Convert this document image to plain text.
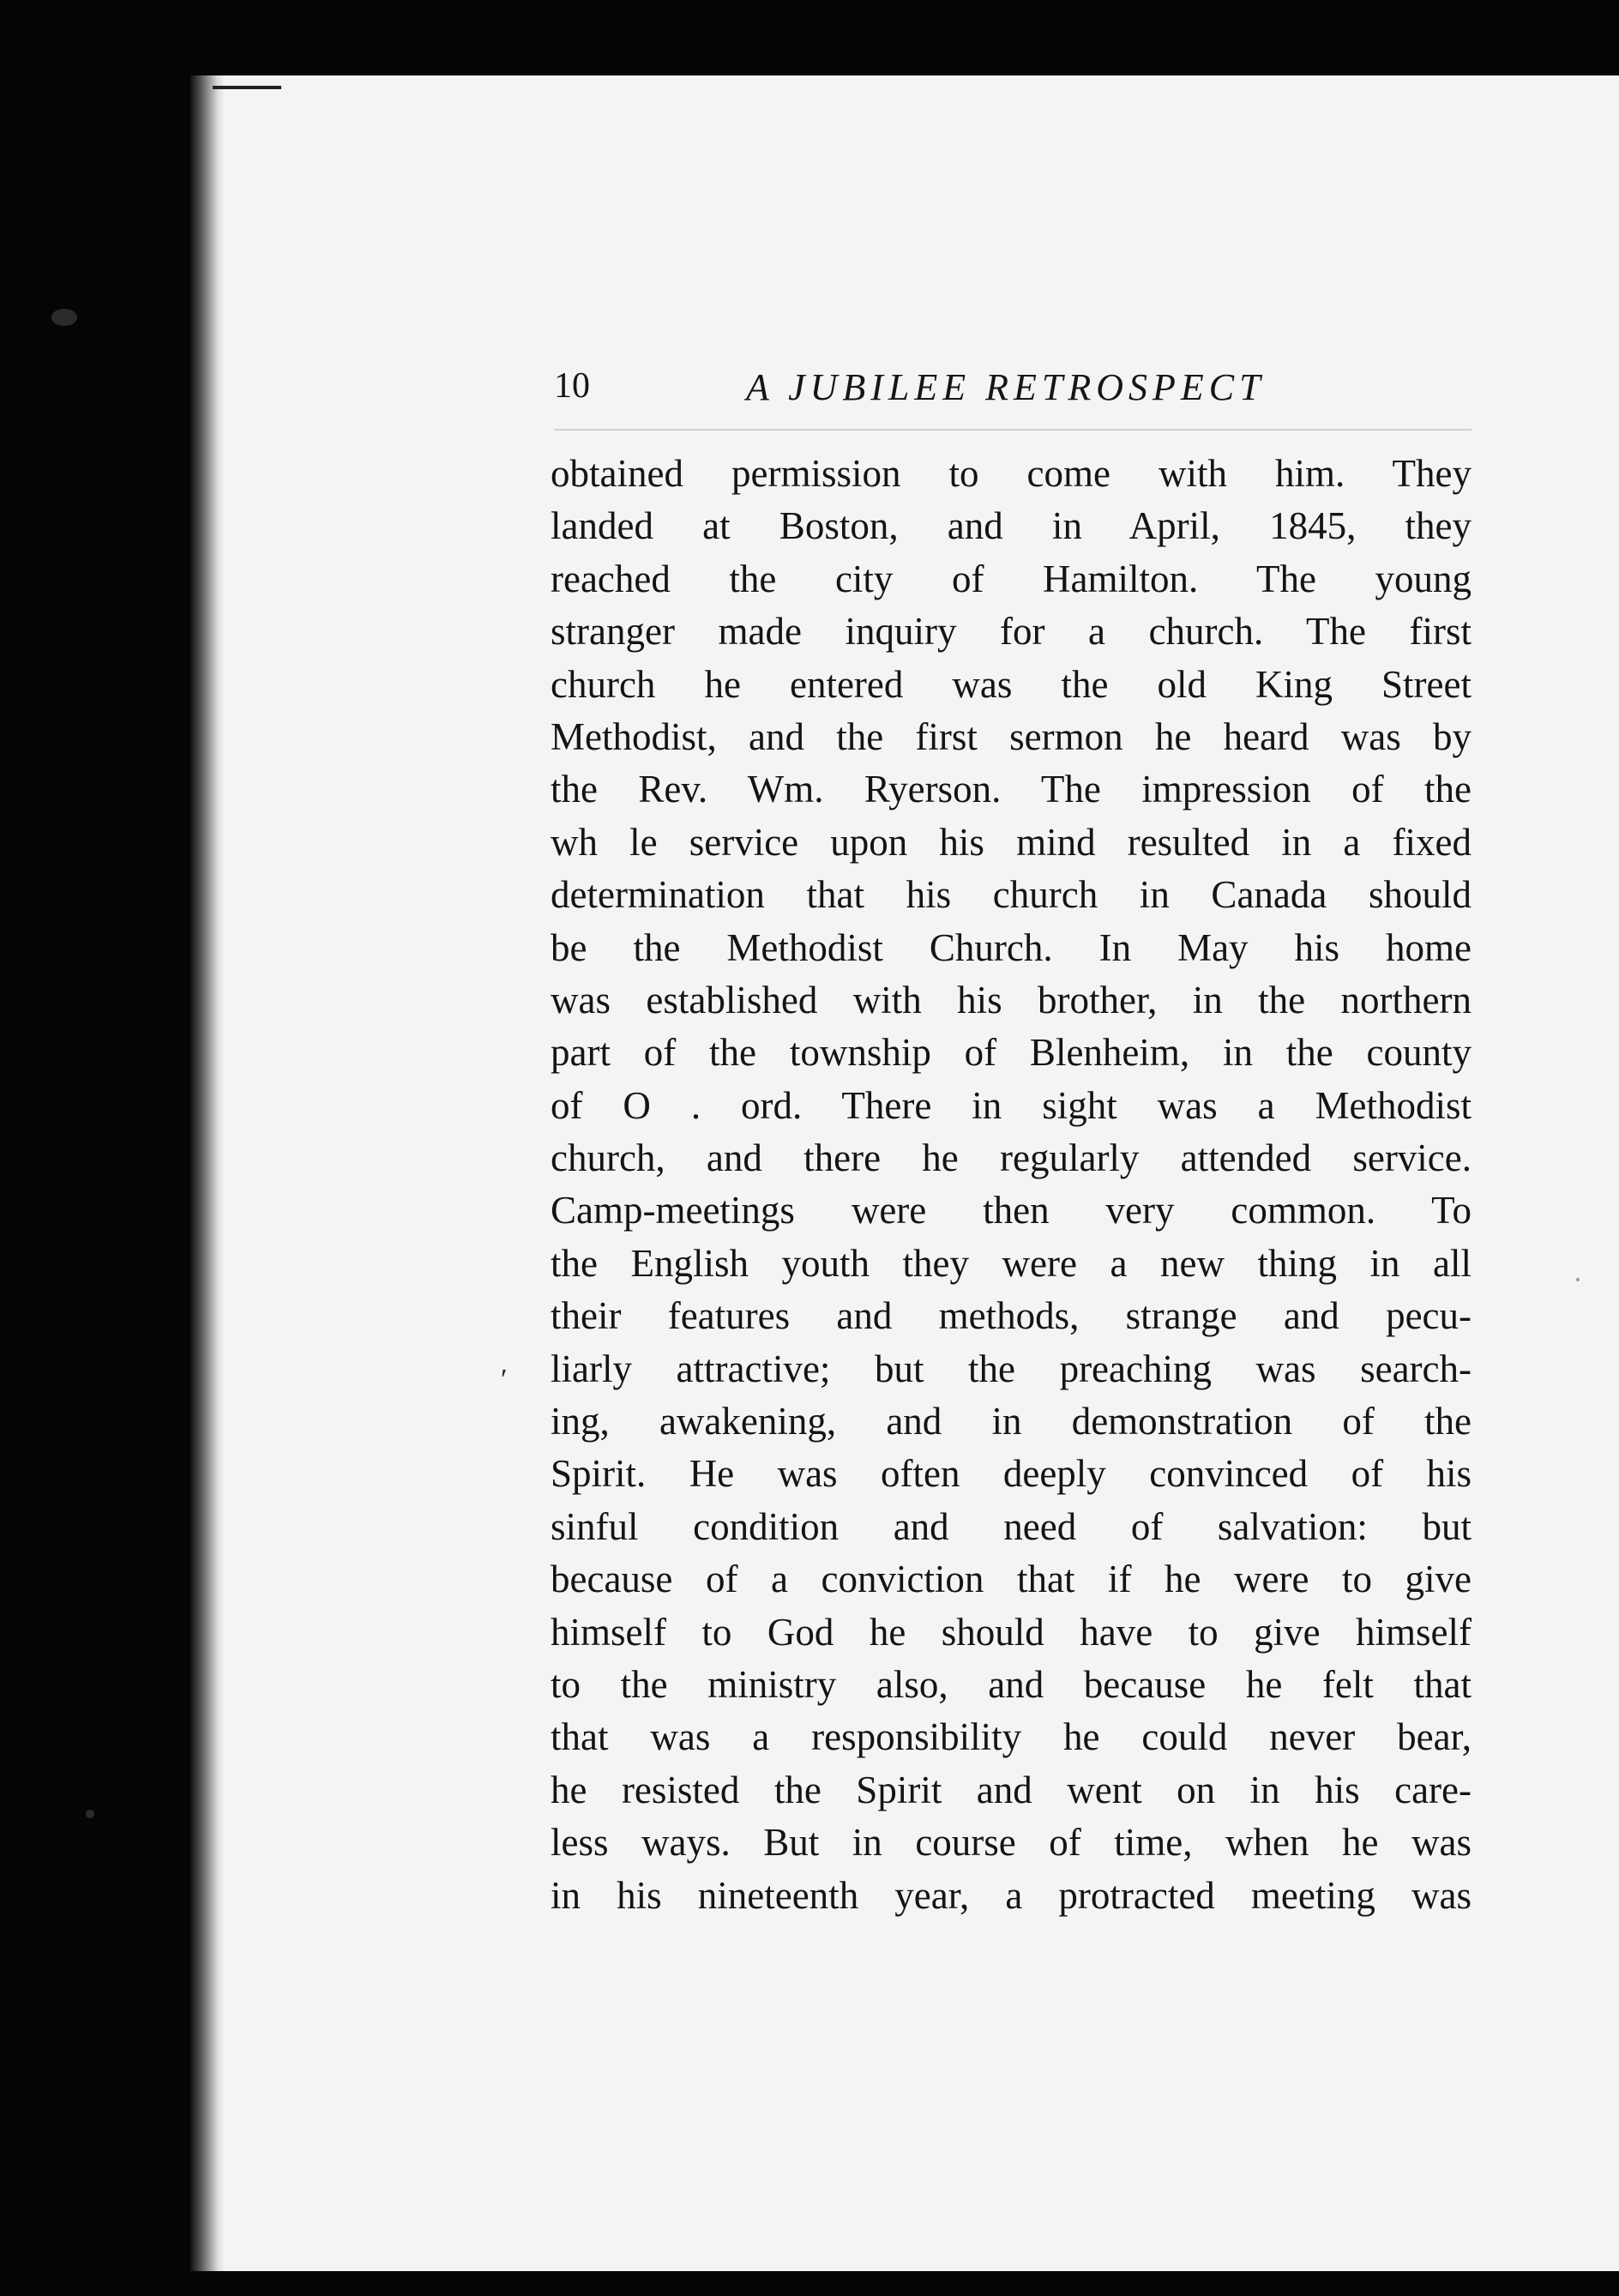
10	A JUBILEE RETROSPECT
′
obtained permission to come with him. They
landed at Boston, and in April, 1845, they
reached the city of Hamilton. The young
stranger made inquiry for a church. The first
church he entered was the old King Street
Methodist, and the first sermon he heard was by
the Rev. Wm. Ryerson. The impression of the
wh le service upon his mind resulted in a fixed
determination that his church in Canada should
be the Methodist Church. In May his home
was established with his brother, in the northern
part of the township of Blenheim, in the county
of O . ord. There in sight was a Methodist
church, and there he regularly attended service.
Camp-meetings were then very common. To
the English youth they were a new thing in all
their features and methods, strange and pecu-
liarly attractive; but the preaching was search-
ing, awakening, and in demonstration of the
Spirit. He was often deeply convinced of his
sinful condition and need of salvation: but
because of a conviction that if he were to give
himself to God he should have to give himself
to the ministry also, and because he felt that
that was a responsibility he could never bear,
he resisted the Spirit and went on in his care-
less ways. But in course of time, when he was
in his nineteenth year, a protracted meeting was
